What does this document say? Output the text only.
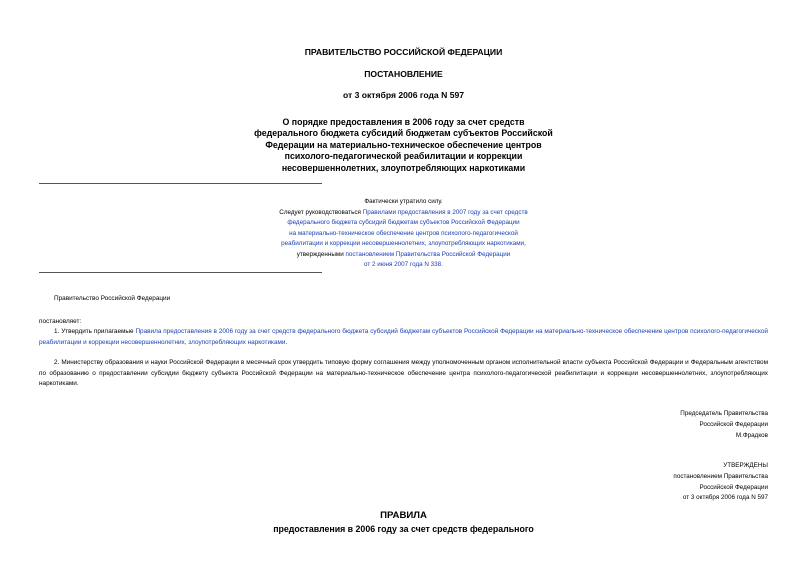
ПРАВИТЕЛЬСТВО РОССИЙСКОЙ ФЕДЕРАЦИИ
ПОСТАНОВЛЕНИЕ
от 3 октября 2006 года N 597
О порядке предоставления в 2006 году за счет средств
федерального бюджета субсидий бюджетам субъектов Российской
Федерации на материально-техническое обеспечение центров
психолого-педагогической реабилитации и коррекции
несовершеннолетних, злоупотребляющих наркотиками
Фактически утратило силу.
Следует руководствоваться Правилами предоставления в 2007 году за счет средств
федерального бюджета субсидий бюджетам субъектов Российской Федерации
на материально-техническое обеспечение центров психолого-педагогической
реабилитации и коррекции несовершеннолетних, злоупотребляющих наркотиками,
утвержденными постановлением Правительства Российской Федерации
от 2 июня 2007 года N 338.
Правительство Российской Федерации
постановляет:
1. Утвердить прилагаемые Правила предоставления в 2006 году за счет средств федерального бюджета субсидий бюджетам субъектов Российской Федерации на материально-техническое обеспечение центров психолого-педагогической реабилитации и коррекции несовершеннолетних, злоупотребляющих наркотиками.
2. Министерству образования и науки Российской Федерации в месячный срок утвердить типовую форму соглашения между уполномоченным органом исполнительной власти субъекта Российской Федерации и Федеральным агентством по образованию о предоставлении субсидии бюджету субъекта Российской Федерации на материально-техническое обеспечение центра психолого-педагогической реабилитации и коррекции несовершеннолетних, злоупотребляющих наркотиками.
Председатель Правительства
Российской Федерации
М.Фрадков
УТВЕРЖДЕНЫ
постановлением Правительства
Российской Федерации
от 3 октября 2006 года N 597
ПРАВИЛА
предоставления в 2006 году за счет средств федерального
